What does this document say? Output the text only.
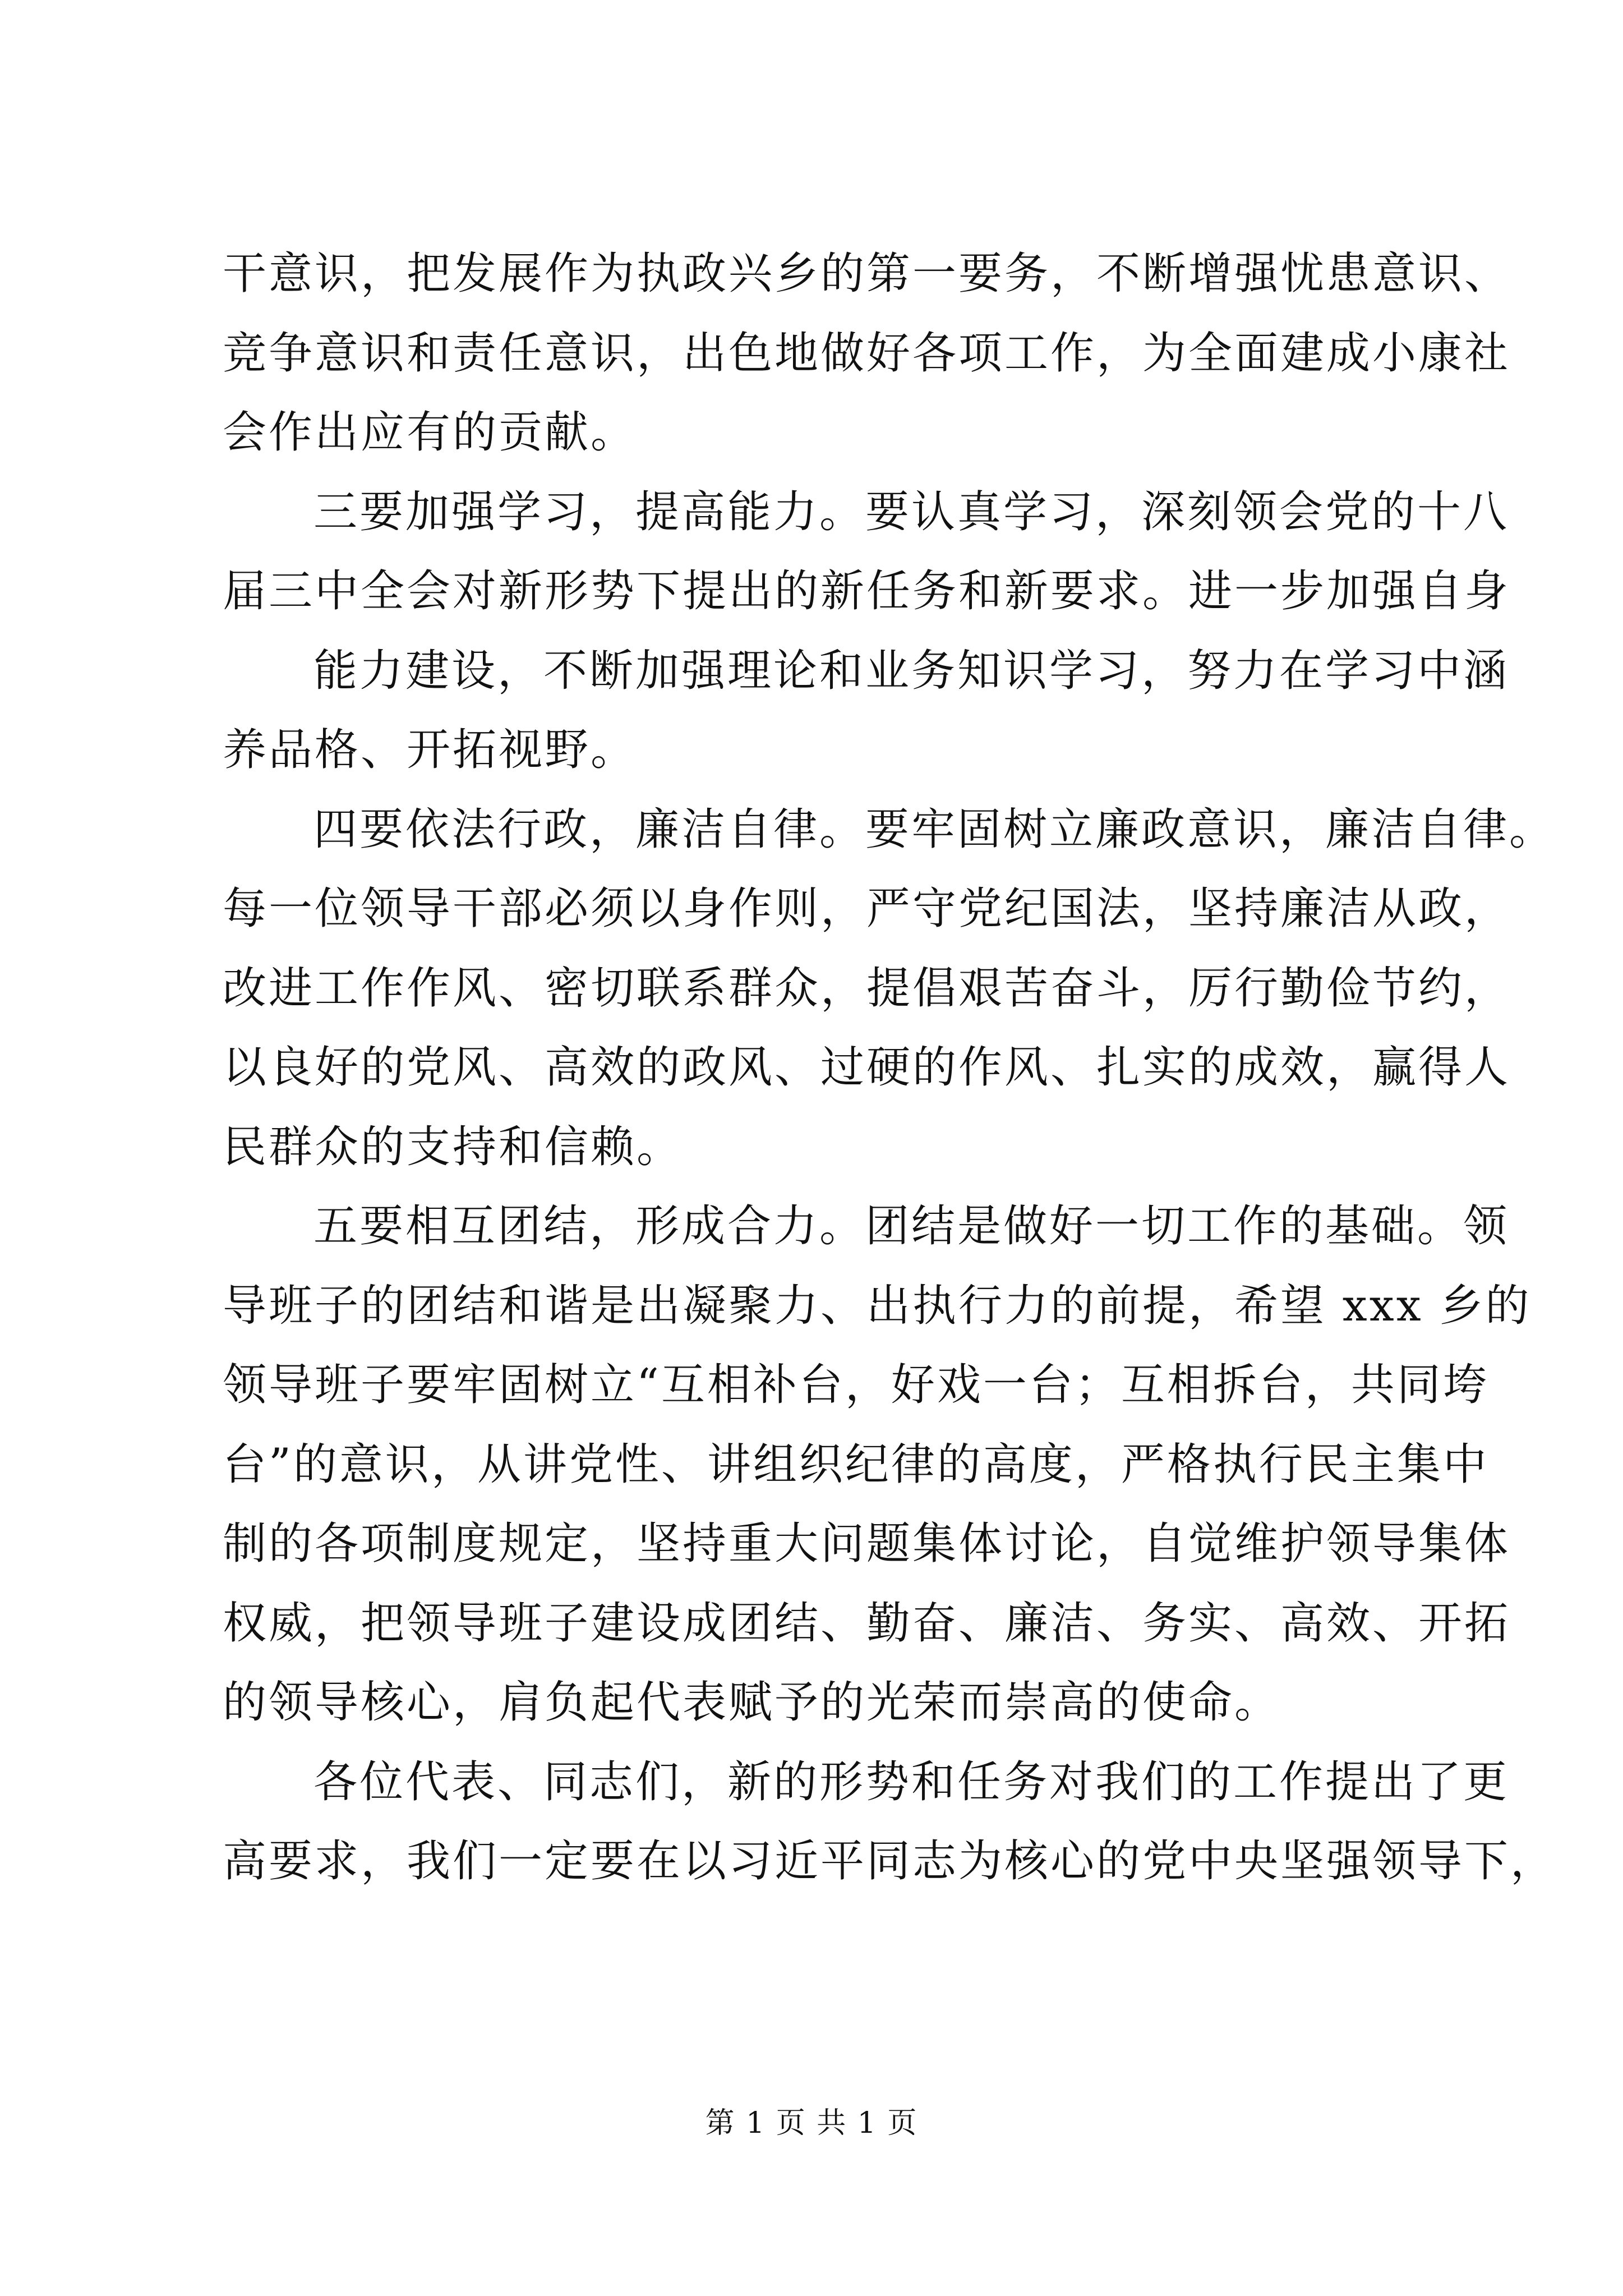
干意识，把发展作为执政兴乡的第一要务，不断增强忧患意识、
竞争意识和责任意识，出色地做好各项工作，为全面建成小康社
会作出应有的贡献。

三要加强学习，提高能力。要认真学习，深刻领会党的十八
届三中全会对新形势下提出的新任务和新要求。进一步加强自身

能力建设，不断加强理论和业务知识学习，努力在学习中涵
养品格、开拓视野。

四要依法行政，廉洁自律。要牢固树立廉政意识，廉洁自律。
每一位领导干部必须以身作则，严守党纪国法，坚持廉洁从政，
改进工作作风、密切联系群众，提倡艰苦奋斗，厉行勤俭节约，
以良好的党风、高效的政风、过硬的作风、扎实的成效，赢得人
民群众的支持和信赖。

五要相互团结，形成合力。团结是做好一切工作的基础。领
导班子的团结和谐是出凝聚力、出执行力的前提，希望 xxx 乡的
领导班子要牢固树立“互相补台，好戏一台；互相拆台，共同垮
台”的意识，从讲党性、讲组织纪律的高度，严格执行民主集中
制的各项制度规定，坚持重大问题集体讨论，自觉维护领导集体
权威，把领导班子建设成团结、勤奋、廉洁、务实、高效、开拓
的领导核心，肩负起代表赋予的光荣而崇高的使命。

各位代表、同志们，新的形势和任务对我们的工作提出了更
高要求，我们一定要在以习近平同志为核心的党中央坚强领导下，

第 1 页 共 1 页
